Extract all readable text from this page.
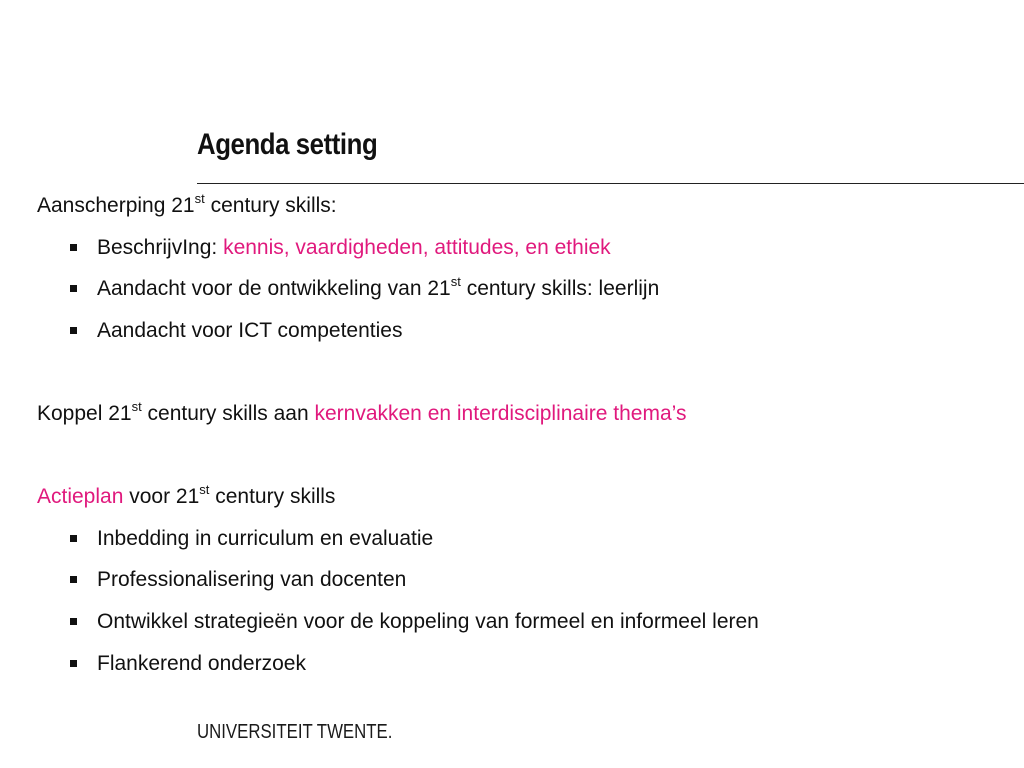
Agenda setting
Aanscherping 21st century skills:
BeschrijvIng: kennis, vaardigheden, attitudes, en ethiek
Aandacht voor de ontwikkeling van 21st century skills: leerlijn
Aandacht voor ICT competenties
Koppel 21st century skills aan kernvakken en interdisciplinaire thema’s
Actieplan voor 21st century skills
Inbedding in curriculum en evaluatie
Professionalisering van docenten
Ontwikkel strategieën voor de koppeling van formeel en informeel leren
Flankerend onderzoek
UNIVERSITEIT TWENTE.
